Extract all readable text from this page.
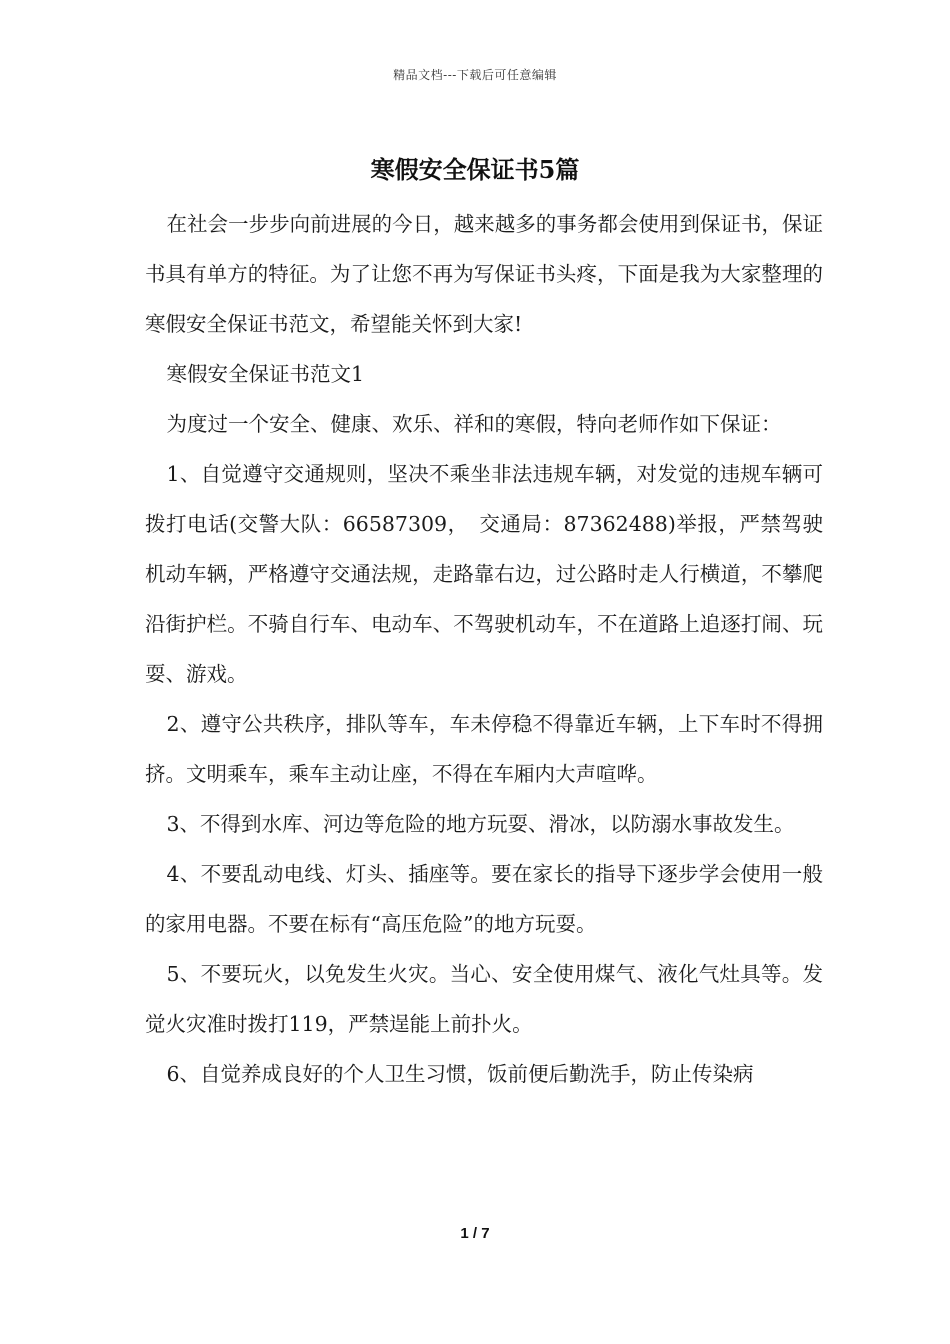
精品文档---下载后可任意编辑
寒假安全保证书5篇

在社会一步步向前进展的今日，越来越多的事务都会使用到保证书，保证书具有单方的特征。为了让您不再为写保证书头疼，下面是我为大家整理的寒假安全保证书范文，希望能关怀到大家!

寒假安全保证书范文1

为度过一个安全、健康、欢乐、祥和的寒假，特向老师作如下保证：

1、自觉遵守交通规则，坚决不乘坐非法违规车辆，对发觉的违规车辆可拨打电话(交警大队：66587309，　交通局：87362488)举报，严禁驾驶机动车辆，严格遵守交通法规，走路靠右边，过公路时走人行横道，不攀爬沿街护栏。不骑自行车、电动车、不驾驶机动车，不在道路上追逐打闹、玩耍、游戏。

2、遵守公共秩序，排队等车，车未停稳不得靠近车辆，上下车时不得拥挤。文明乘车，乘车主动让座，不得在车厢内大声喧哗。

3、不得到水库、河边等危险的地方玩耍、滑冰，以防溺水事故发生。

4、不要乱动电线、灯头、插座等。要在家长的指导下逐步学会使用一般的家用电器。不要在标有“高压危险”的地方玩耍。

5、不要玩火，以免发生火灾。当心、安全使用煤气、液化气灶具等。发觉火灾准时拨打119，严禁逞能上前扑火。

6、自觉养成良好的个人卫生习惯，饭前便后勤洗手，防止传染病

1 / 7
